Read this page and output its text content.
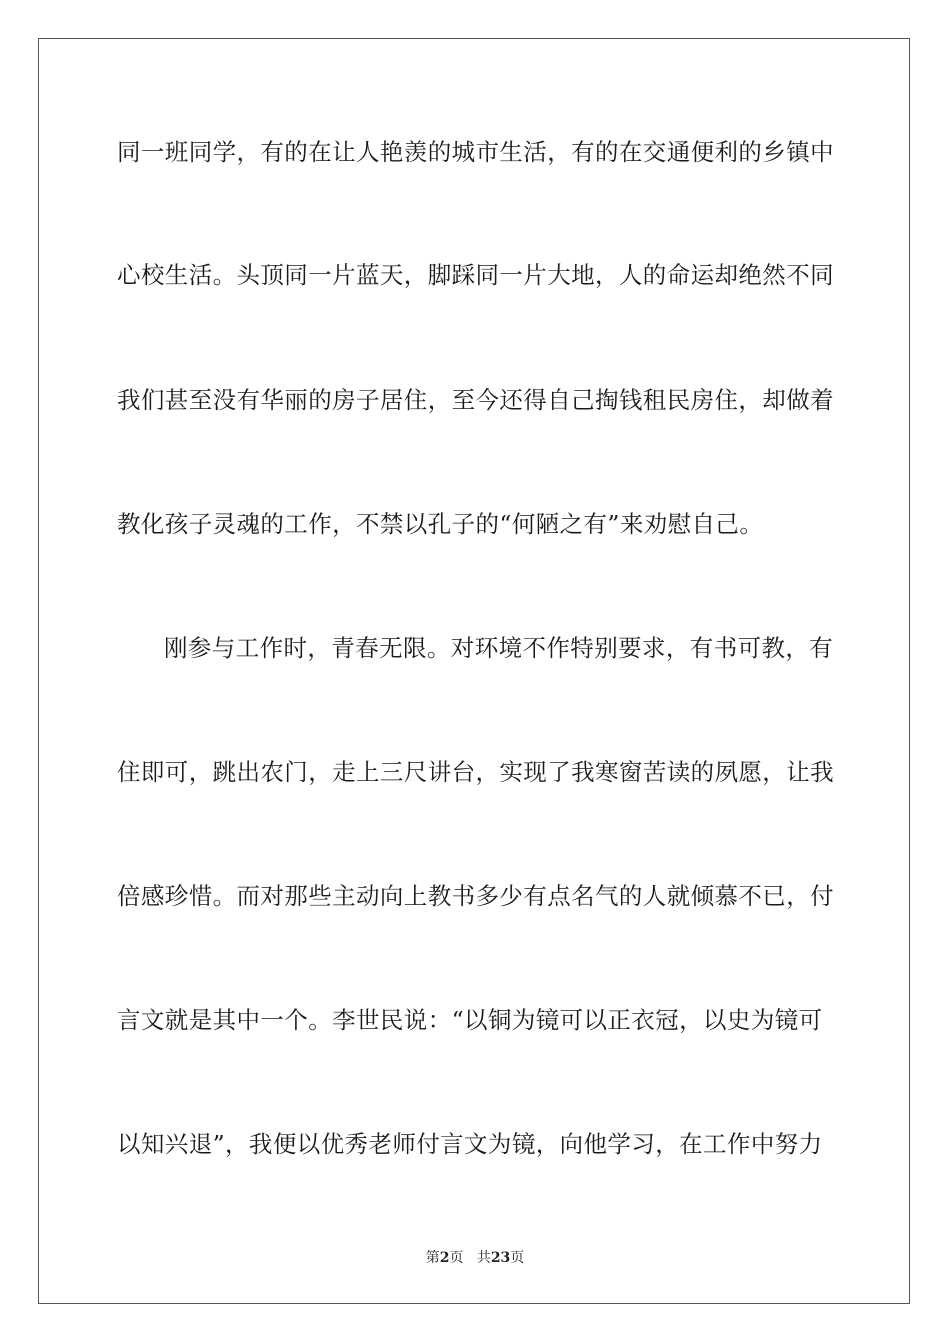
同一班同学，有的在让人艳羡的城市生活，有的在交通便利的乡镇中
心校生活。头顶同一片蓝天，脚踩同一片大地，人的命运却绝然不同
我们甚至没有华丽的房子居住，至今还得自己掏钱租民房住，却做着
教化孩子灵魂的工作，不禁以孔子的“何陋之有”来劝慰自己。
刚参与工作时，青春无限。对环境不作特别要求，有书可教，有
住即可，跳出农门，走上三尺讲台，实现了我寒窗苦读的夙愿，让我
倍感珍惜。而对那些主动向上教书多少有点名气的人就倾慕不已，付
言文就是其中一个。李世民说：“以铜为镜可以正衣冠，以史为镜可
以知兴退”，我便以优秀老师付言文为镜，向他学习，在工作中努力
第2页 共23页
